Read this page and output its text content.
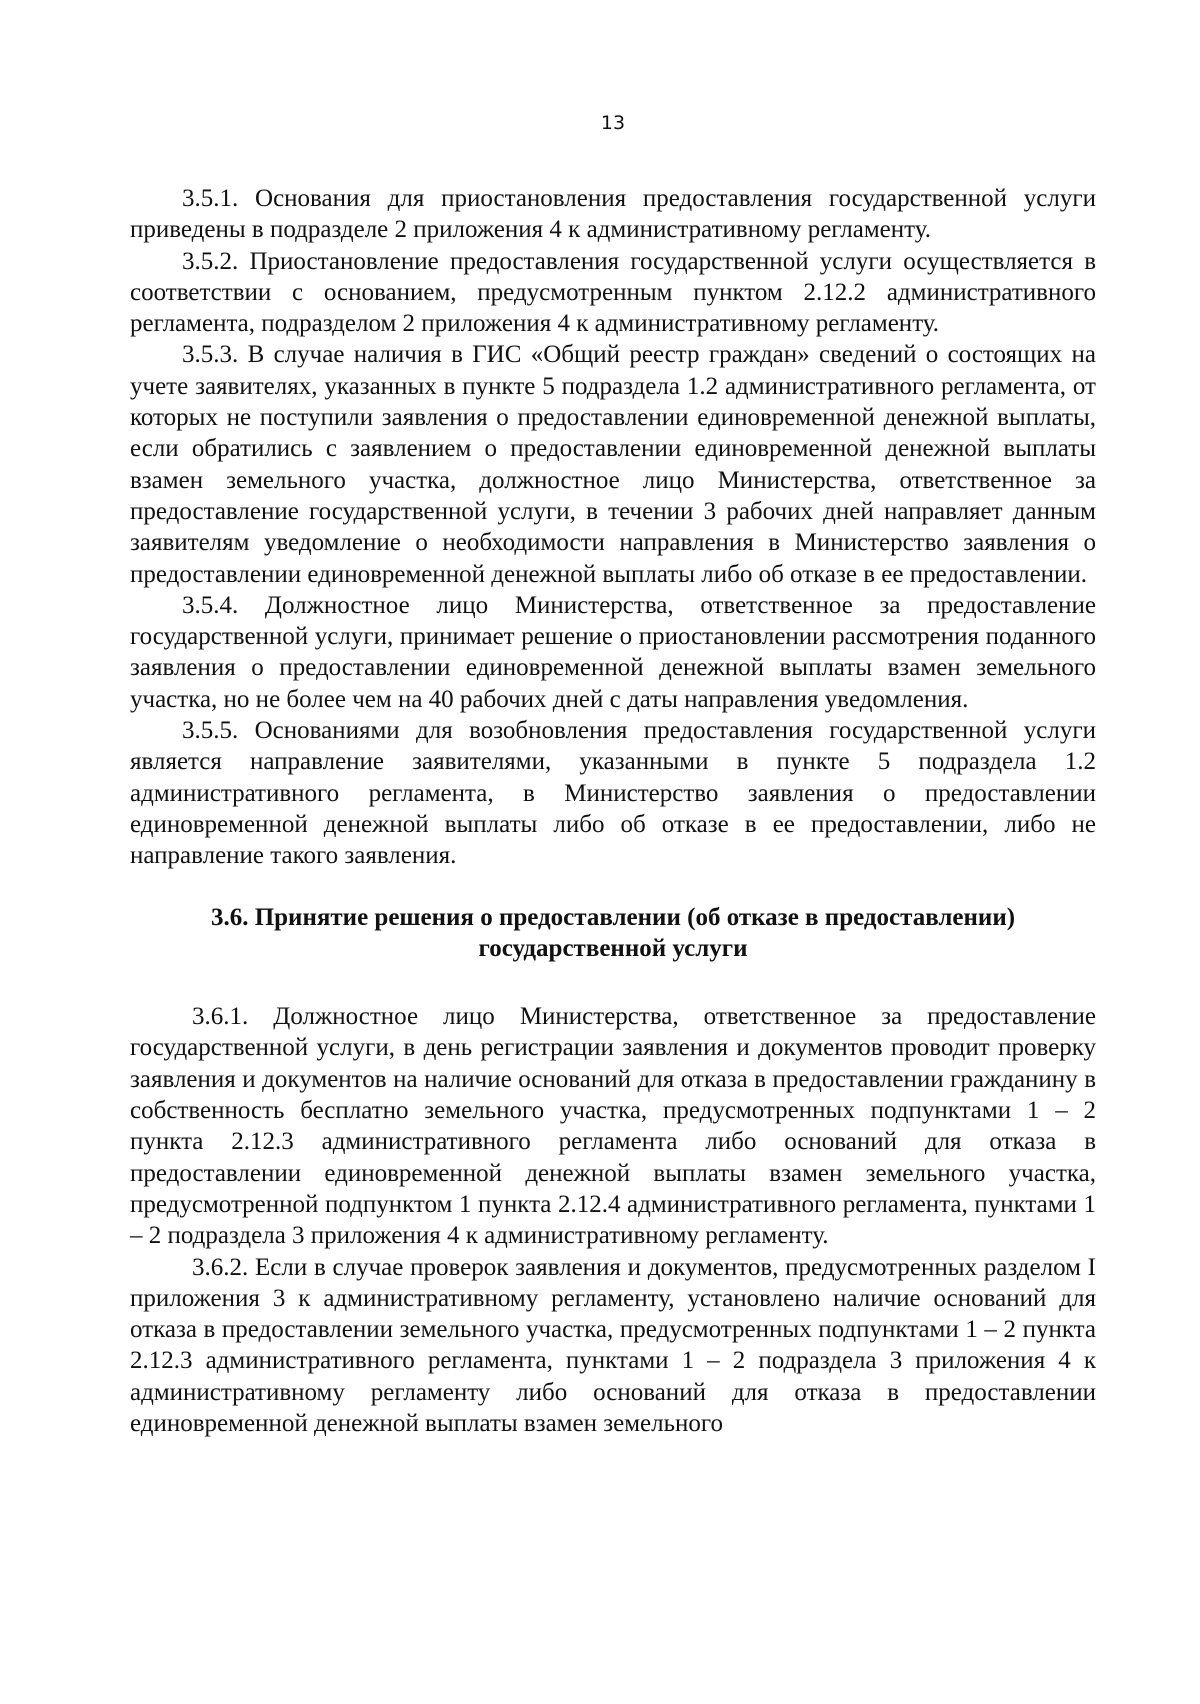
13

3.5.1. Основания для приостановления предоставления государственной услуги приведены в подразделе 2 приложения 4 к административному регламенту.

3.5.2. Приостановление предоставления государственной услуги осуществляется в соответствии с основанием, предусмотренным пунктом 2.12.2 административного регламента, подразделом 2 приложения 4 к административному регламенту.

3.5.3. В случае наличия в ГИС «Общий реестр граждан» сведений о состоящих на учете заявителях, указанных в пункте 5 подраздела 1.2 административного регламента, от которых не поступили заявления о предоставлении единовременной денежной выплаты, если обратились с заявлением о предоставлении единовременной денежной выплаты взамен земельного участка, должностное лицо Министерства, ответственное за предоставление государственной услуги, в течении 3 рабочих дней направляет данным заявителям уведомление о необходимости направления в Министерство заявления о предоставлении единовременной денежной выплаты либо об отказе в ее предоставлении.

3.5.4. Должностное лицо Министерства, ответственное за предоставление государственной услуги, принимает решение о приостановлении рассмотрения поданного заявления о предоставлении единовременной денежной выплаты взамен земельного участка, но не более чем на 40 рабочих дней с даты направления уведомления.

3.5.5. Основаниями для возобновления предоставления государственной услуги является направление заявителями, указанными в пункте 5 подраздела 1.2 административного регламента, в Министерство заявления о предоставлении единовременной денежной выплаты либо об отказе в ее предоставлении, либо не направление такого заявления.

3.6. Принятие решения о предоставлении (об отказе в предоставлении)
государственной услуги

3.6.1. Должностное лицо Министерства, ответственное за предоставление государственной услуги, в день регистрации заявления и документов проводит проверку заявления и документов на наличие оснований для отказа в предоставлении гражданину в собственность бесплатно земельного участка, предусмотренных подпунктами 1 – 2 пункта 2.12.3 административного регламента либо оснований для отказа в предоставлении единовременной денежной выплаты взамен земельного участка, предусмотренной подпунктом 1 пункта 2.12.4 административного регламента, пунктами 1 – 2 подраздела 3 приложения 4 к административному регламенту.

3.6.2. Если в случае проверок заявления и документов, предусмотренных разделом I приложения 3 к административному регламенту, установлено наличие оснований для отказа в предоставлении земельного участка, предусмотренных подпунктами 1 – 2 пункта 2.12.3 административного регламента, пунктами 1 – 2 подраздела 3 приложения 4 к административному регламенту либо оснований для отказа в предоставлении единовременной денежной выплаты взамен земельного
